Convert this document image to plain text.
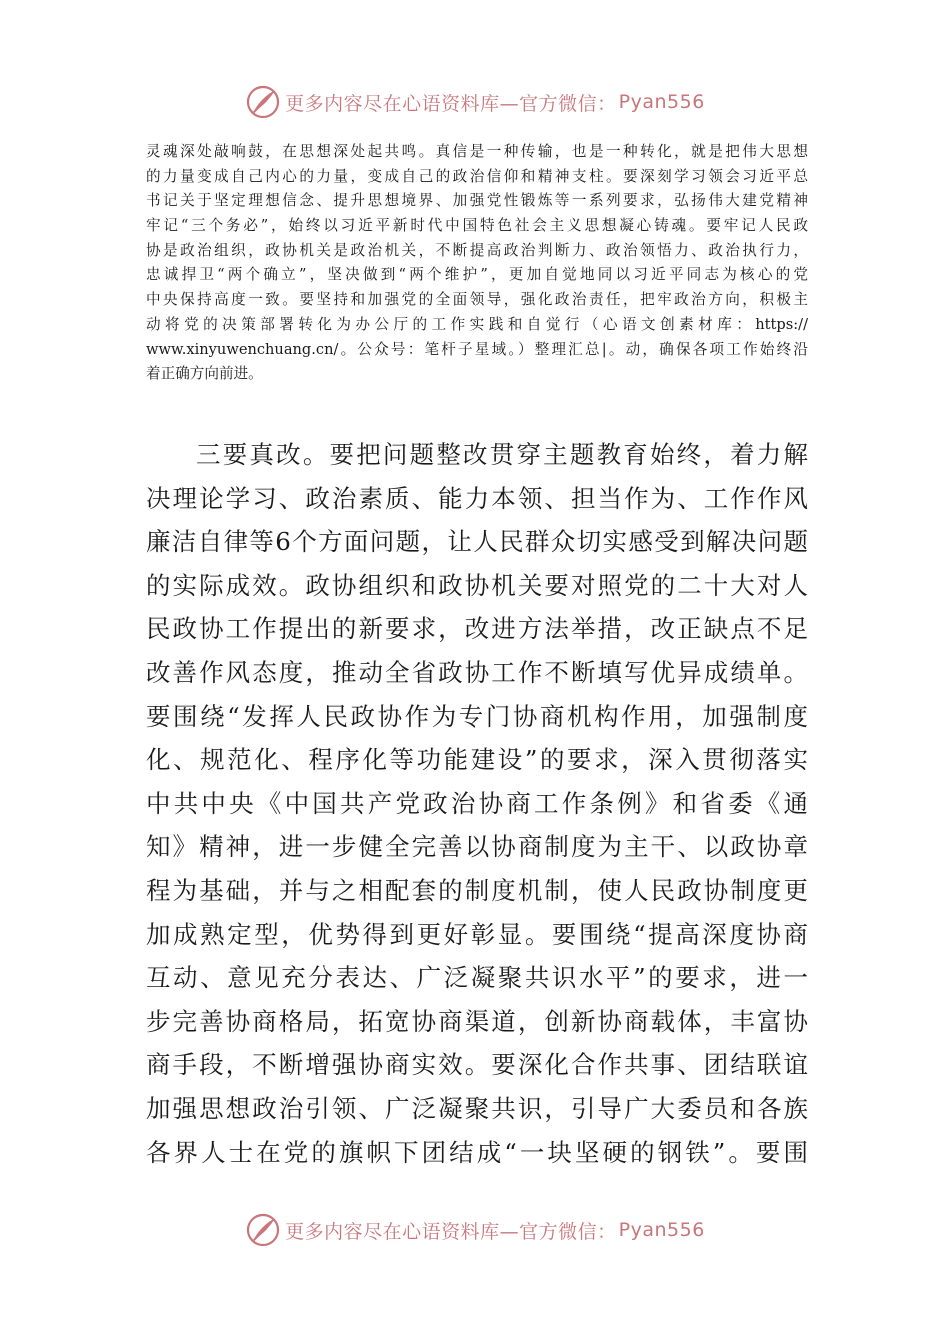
更多内容尽在心语资料库—官方微信： Pyan556
灵魂深处敲响鼓，在思想深处起共鸣。真信是一种传输，也是一种转化，就是把伟大思想
的力量变成自己内心的力量，变成自己的政治信仰和精神支柱。要深刻学习领会习近平总
书记关于坚定理想信念、提升思想境界、加强党性锻炼等一系列要求，弘扬伟大建党精神
牢记“三个务必”，始终以习近平新时代中国特色社会主义思想凝心铸魂。要牢记人民政
协是政治组织，政协机关是政治机关，不断提高政治判断力、政治领悟力、政治执行力，
忠诚捍卫“两个确立”，坚决做到“两个维护”，更加自觉地同以习近平同志为核心的党
中央保持高度一致。要坚持和加强党的全面领导，强化政治责任，把牢政治方向，积极主
动将党的决策部署转化为办公厅的工作实践和自觉行（心语文创素材库：https://
www.xinyuwenchuang.cn/。公众号：笔杆子星域。）整理汇总|。动，确保各项工作始终沿
着正确方向前进。
三要真改。要把问题整改贯穿主题教育始终，着力解
决理论学习、政治素质、能力本领、担当作为、工作作风
廉洁自律等6个方面问题，让人民群众切实感受到解决问题
的实际成效。政协组织和政协机关要对照党的二十大对人
民政协工作提出的新要求，改进方法举措，改正缺点不足
改善作风态度，推动全省政协工作不断填写优异成绩单。
要围绕“发挥人民政协作为专门协商机构作用，加强制度
化、规范化、程序化等功能建设”的要求，深入贯彻落实
中共中央《中国共产党政治协商工作条例》和省委《通
知》精神，进一步健全完善以协商制度为主干、以政协章
程为基础，并与之相配套的制度机制，使人民政协制度更
加成熟定型，优势得到更好彰显。要围绕“提高深度协商
互动、意见充分表达、广泛凝聚共识水平”的要求，进一
步完善协商格局，拓宽协商渠道，创新协商载体，丰富协
商手段，不断增强协商实效。要深化合作共事、团结联谊
加强思想政治引领、广泛凝聚共识，引导广大委员和各族
各界人士在党的旗帜下团结成“一块坚硬的钢铁”。要围
更多内容尽在心语资料库—官方微信： Pyan556
